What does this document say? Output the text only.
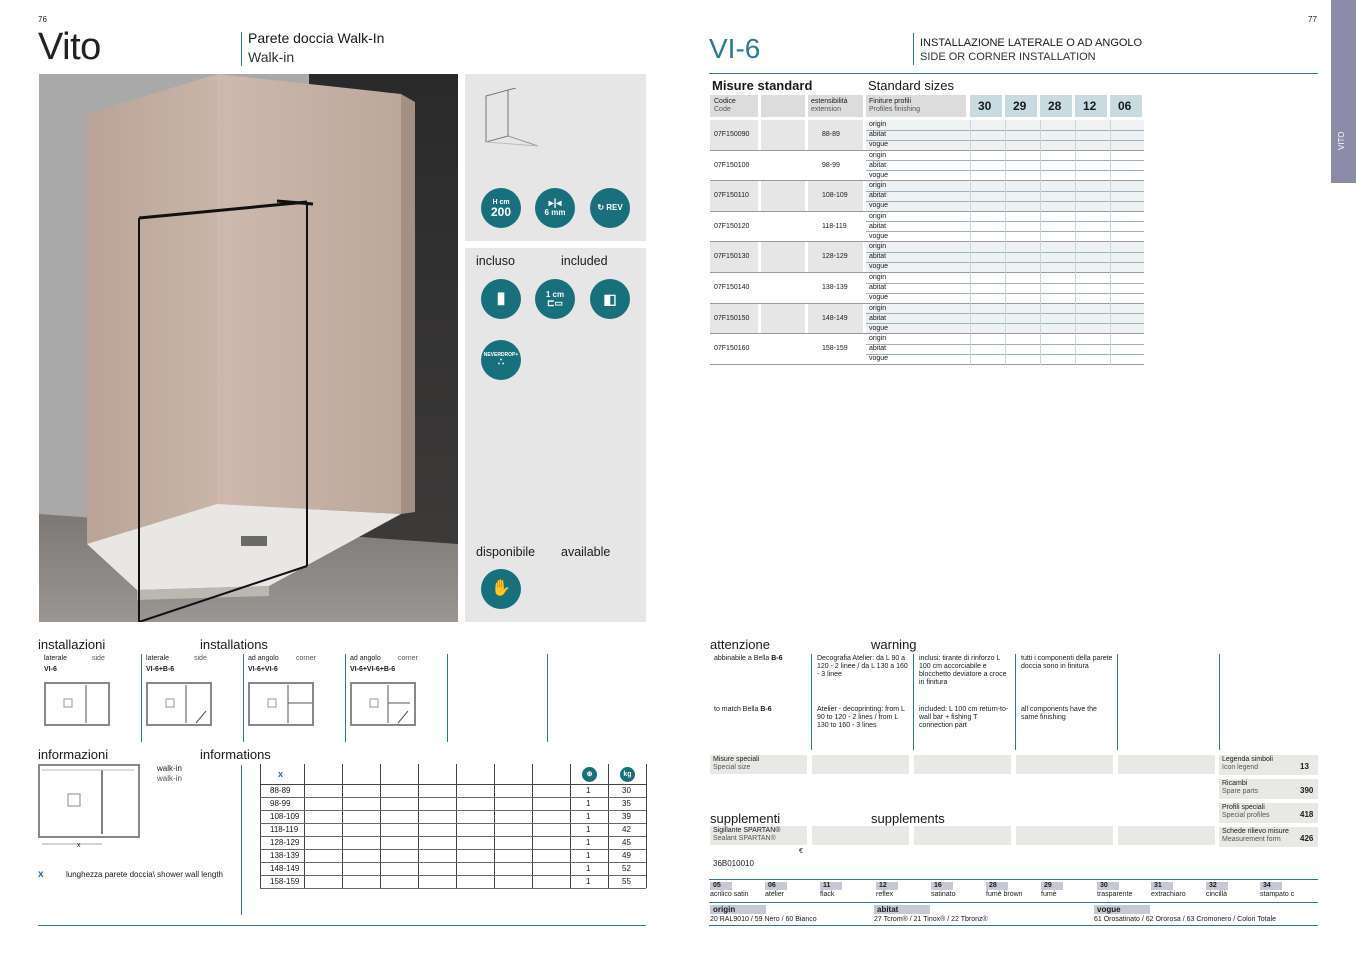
76
Vito	Parete doccia Walk-In
Walk-in
H cm
200
▸|◂
6 mm
↻ REV
incluso	included
▮	1 cm
⊏▭	◧
NEVERDROP+
∴
disponibile available
✋
installazioni	installations
laterale	side
VI-6
laterale	side
VI-6+B-6
ad angolo corner
VI-6+VI-6
ad angolo corner
VI-6+VI-6+B-6
informazioni	informations
x
walk-in
walk-in
x	lunghezza parete doccia\ shower wall length
x	⊕	kg
88-89	1	30
98-99	1	35
108-109	1	39
118-119	1	42
128-129	1	45
138-139	1	49
148-149	1	52
158-159	1	55
77
VITO
VI-6	INSTALLAZIONE LATERALE O AD ANGOLO
SIDE OR CORNER INSTALLATION
Misure standard	Standard sizes
Codice
Code
estensibilità
extension
Finiture profili
Profiles finishing	30 29 28 12 06
07F150090	88-89
origin
abitat
vogue
07F150100	98-99
origin
abitat
vogue
07F150110	108-109
origin
abitat
vogue
07F150120	118-119
origin
abitat
vogue
07F150130	128-129
origin
abitat
vogue
07F150140	138-139
origin
abitat
vogue
07F150150	148-149
origin
abitat
vogue
07F150160	158-159
origin
abitat
vogue
attenzione	warning
abbinabile a Bella B-6
to match Bella B-6
Decografia Atelier: da L 90 a 120 - 2 linee / da L 130 a 160 - 3 linee
Atelier - decoprinting: from L 90 to 120 - 2 lines / from L 130 to 160 - 3 lines
inclusi: tirante di rinforzo L 100 cm accorciabile e blocchetto deviatore a croce in finitura
included: L 100 cm return-to-wall bar + fishing T connection part
tutti i componenti della parete doccia sono in finitura
all components have the same finishing
Misure speciali
Special size
Legenda simboli
Icon legend	13
Ricambi
Spare parts	390
Profili speciali
Special profiles	418
Schede rilievo misure
Measurement form 426
supplementi	supplements
Sigillante SPARTAN®
Sealant SPARTAN®
€
36B010010
05
acrilico satin
06
atelier
11
flack
12
reflex
16
satinato
28
fumè brown
29
fumè
30
trasparente
31
extrachiaro
32
cincillà
34
stampato c
origin
20 RAL9010 / 59 Nero / 60 Bianco
abitat
27 Tcrom® / 21 Tinox® / 22 Tbronz®
vogue
61 Orosatinato / 62 Ororosa / 63 Cromonero / Colori Totale
